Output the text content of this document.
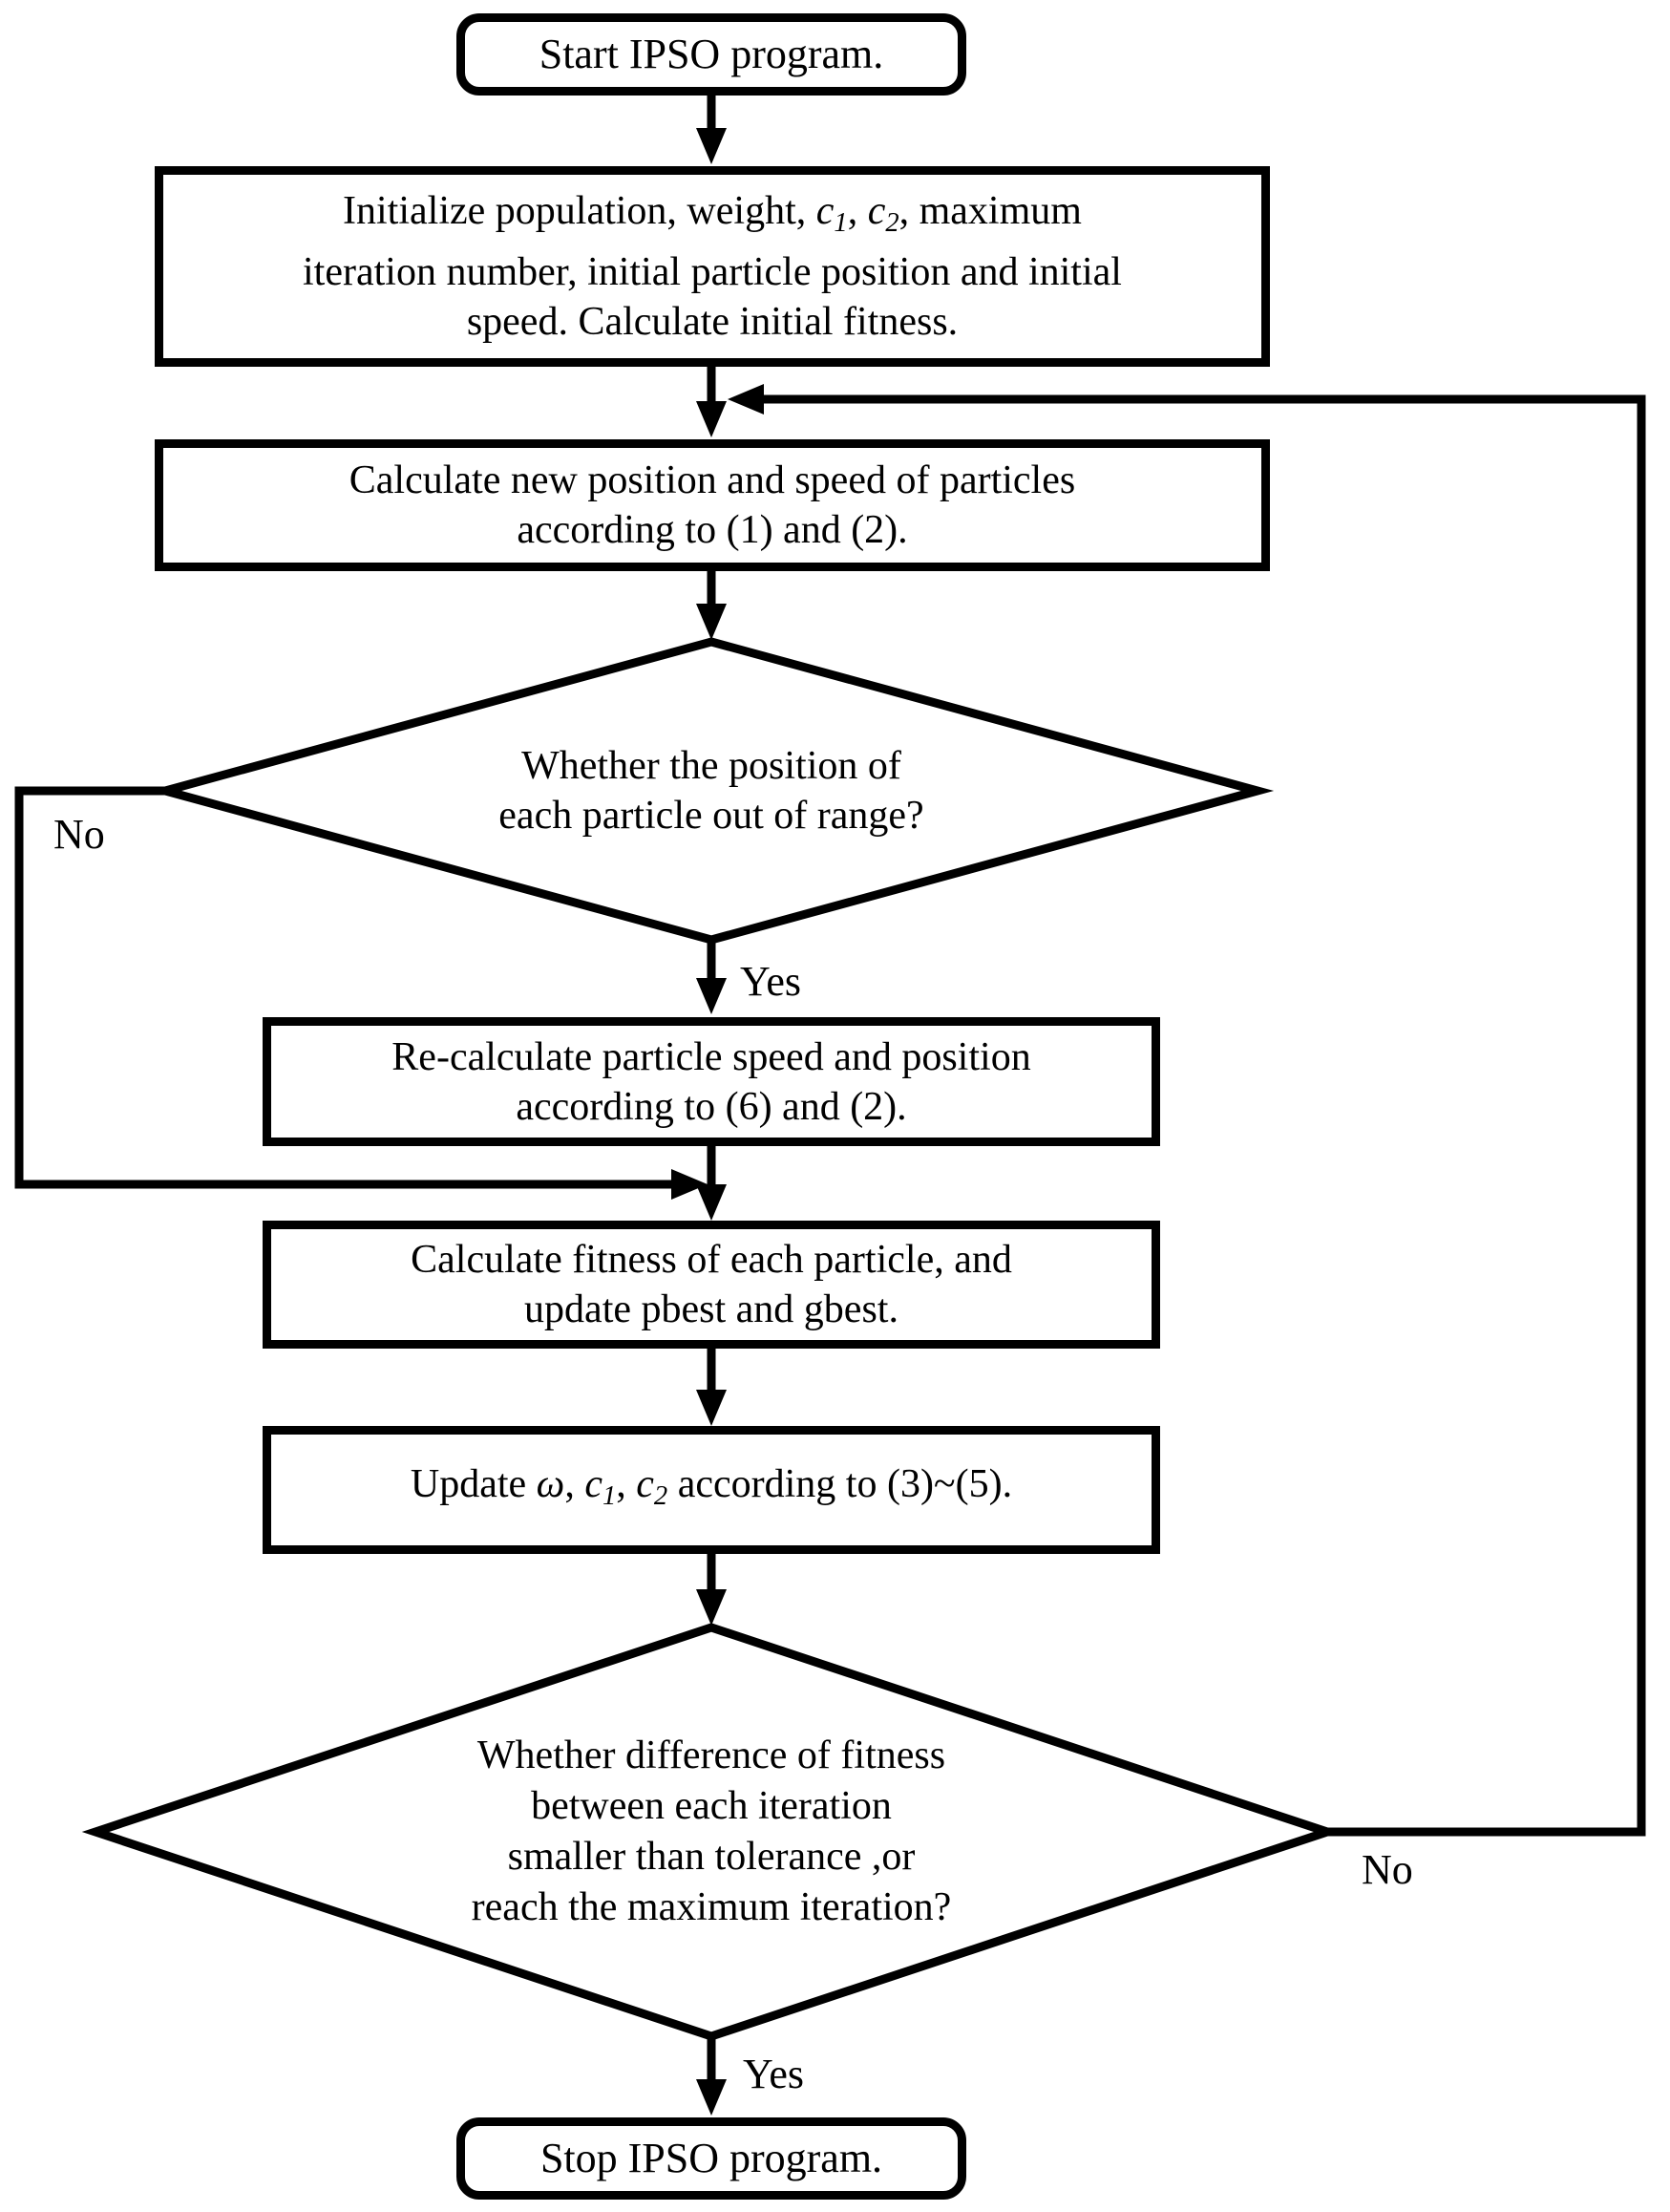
Start IPSO program.
Initialize population, weight, $c_1$, $c_2$, maximum
iteration number, initial particle position and initial
speed. Calculate initial fitness.
Calculate new position and speed of particles
according to (1) and (2).
Whether the position of
each particle out of range?
Re-calculate particle speed and position
according to (6) and (2).
Calculate fitness of each particle, and
update pbest and gbest.
Update ω, $c_1$, $c_2$ according to (3)~(5).
Whether difference of fitness
between each iteration
smaller than tolerance ,or
reach the maximum iteration?
Stop IPSO program.
Yes
No
No
Yes
